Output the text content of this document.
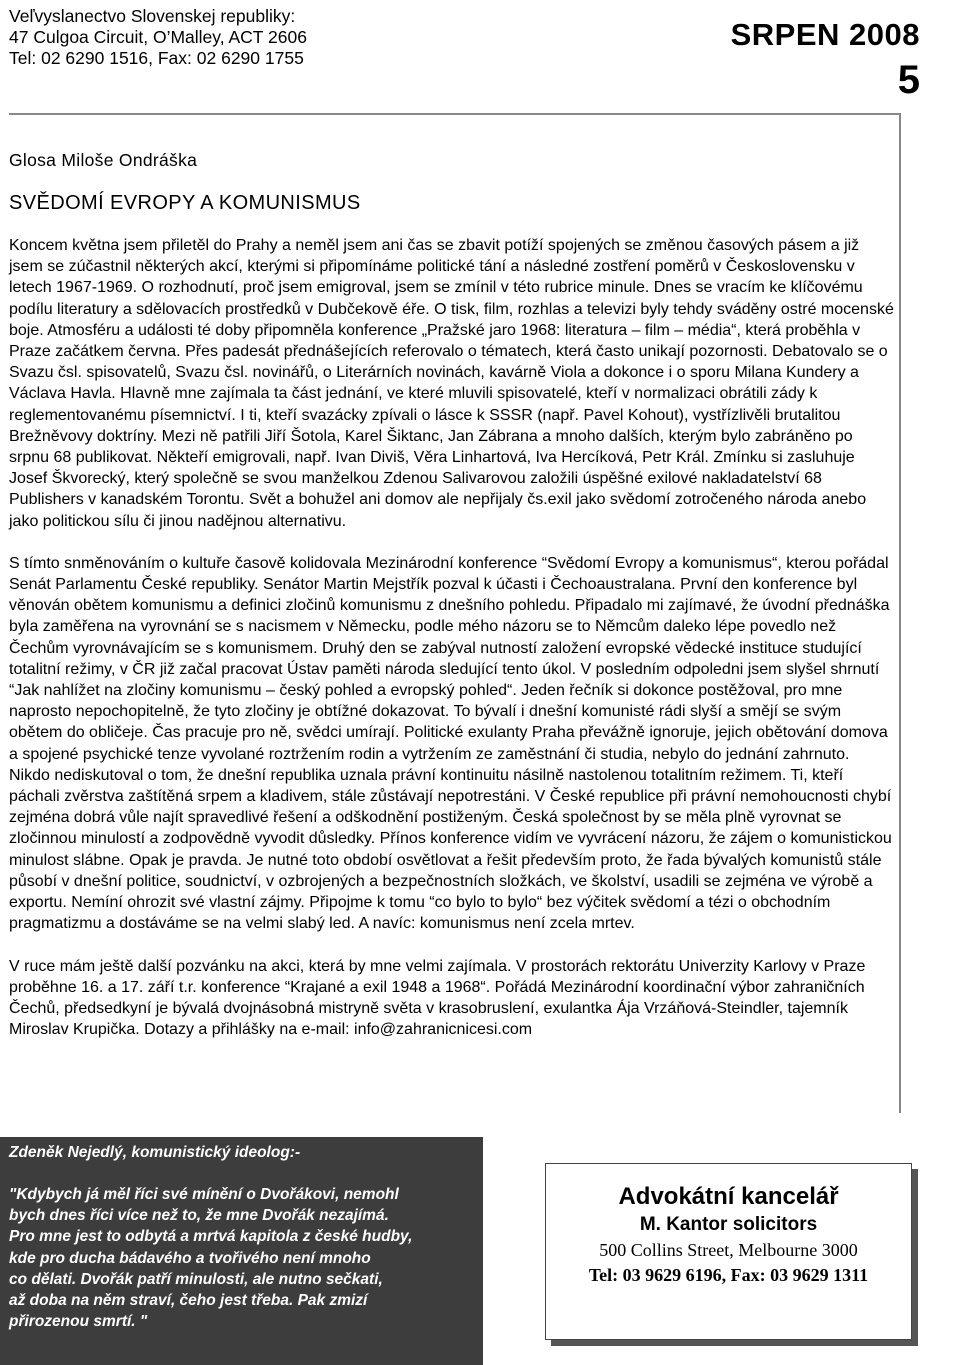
Veľvyslanectvo Slovenskej republiky:
47 Culgoa Circuit, O’Malley, ACT 2606
Tel: 02 6290 1516, Fax: 02 6290 1755
SRPEN 2008
5
Glosa Miloše Ondráška
SVĚDOMÍ EVROPY A KOMUNISMUS

Koncem května jsem přiletěl do Prahy a neměl jsem ani čas se zbavit potíží spojených se změnou časových pásem a již jsem se zúčastnil některých akcí, kterými si připomínáme politické tání a následné zostření poměrů v Československu v letech 1967-1969. O rozhodnutí, proč jsem emigroval, jsem se zmínil v této rubrice minule. Dnes se vracím ke klíčovému podílu literatury a sdělovacích prostředků v Dubčekově éře. O tisk, film, rozhlas a televizi byly tehdy sváděny ostré mocenské boje. Atmosféru a události té doby připomněla konference „Pražské jaro 1968: literatura – film – média“, která proběhla v Praze začátkem června. Přes padesát přednášejících referovalo o tématech, která často unikají pozornosti. Debatovalo se o Svazu čsl. spisovatelů, Svazu čsl. novinářů, o Literárních novinách, kavárně Viola a dokonce i o sporu Milana Kundery a Václava Havla. Hlavně mne zajímala ta část jednání, ve které mluvili spisovatelé, kteří v normalizaci obrátili zády k reglementovanému písemnictví. I ti, kteří svazácky zpívali o lásce k SSSR (např. Pavel Kohout), vystřízlivěli brutalitou Brežněvovy doktríny. Mezi ně patřili Jiří Šotola, Karel Šiktanc, Jan Zábrana a mnoho dalších, kterým bylo zabráněno po srpnu 68 publikovat. Někteří emigrovali, např. Ivan Diviš, Věra Linhartová, Iva Hercíková, Petr Král. Zmínku si zasluhuje Josef Škvorecký, který společně se svou manželkou Zdenou Salivarovou založili úspěšné exilové nakladatelství 68 Publishers v kanadském Torontu. Svět a bohužel ani domov ale nepřijaly čs.exil jako svědomí zotročeného národa anebo jako politickou sílu či jinou nadějnou alternativu.

S tímto snměnováním o kultuře časově kolidovala Mezinárodní konference “Svědomí Evropy a komunismus“, kterou pořádal Senát Parlamentu České republiky. Senátor Martin Mejstřík pozval k účasti i Čechoaustralana. První den konference byl věnován obětem komunismu a definici zločinů komunismu z dnešního pohledu. Připadalo mi zajímavé, že úvodní přednáška byla zaměřena na vyrovnání se s nacismem v Německu, podle mého názoru se to Němcům daleko lépe povedlo než Čechům vyrovnávajícím se s komunismem. Druhý den se zabýval nutností založení evropské vědecké instituce studující totalitní režimy, v ČR již začal pracovat Ústav paměti národa sledující tento úkol. V posledním odpoledni jsem slyšel shrnutí “Jak nahlížet na zločiny komunismu – český pohled a evropský pohled“. Jeden řečník si dokonce postěžoval, pro mne naprosto nepochopitelně, že tyto zločiny je obtížné dokazovat. To bývalí i dnešní komunisté rádi slyší a smějí se svým obětem do obličeje. Čas pracuje pro ně, svědci umírají. Politické exulanty Praha převážně ignoruje, jejich obětování domova a spojené psychické tenze vyvolané roztržením rodin a vytržením ze zaměstnání či studia, nebylo do jednání zahrnuto. Nikdo nediskutoval o tom, že dnešní republika uznala právní kontinuitu násilně nastolenou totalitním režimem. Ti, kteří páchali zvěrstva zaštítěná srpem a kladivem, stále zůstávají nepotrestáni. V České republice při právní nemohoucnosti chybí zejména dobrá vůle najít spravedlivé řešení a odškodnění postiženým. Česká společnost by se měla plně vyrovnat se zločinnou minulostí a zodpovědně vyvodit důsledky. Přínos konference vidím ve vyvrácení názoru, že zájem o komunistickou minulost slábne. Opak je pravda. Je nutné toto období osvětlovat a řešit především proto, že řada bývalých komunistů stále působí v dnešní politice, soudnictví, v ozbrojených a bezpečnostních složkách, ve školství, usadili se zejména ve výrobě a exportu. Nemíní ohrozit své vlastní zájmy. Připojme k tomu “co bylo to bylo“ bez výčitek svědomí a tézi o obchodním pragmatizmu a dostáváme se na velmi slabý led. A navíc: komunismus není zcela mrtev.

V ruce mám ještě další pozvánku na akci, která by mne velmi zajímala. V prostorách rektorátu Univerzity Karlovy v Praze proběhne 16. a 17. září t.r. konference “Krajané a exil 1948 a 1968“. Pořádá Mezinárodní koordinační výbor zahraničních Čechů, předsedkyní je bývalá dvojnásobná mistryně světa v krasobruslení, exulantka Ája Vrzáňová-Steindler, tajemník Miroslav Krupička. Dotazy a přihlášky na e-mail: info@zahranicnicesi.com

Zdeněk Nejedlý, komunistický ideolog:-
"Kdybych já měl říci své mínění o Dvořákovi, nemohl
bych dnes říci více než to, že mne Dvořák nezajímá.
Pro mne jest to odbytá a mrtvá kapitola z české hudby,
kde pro ducha bádavého a tvořivého není mnoho
co dělati. Dvořák patří minulosti, ale nutno sečkati,
až doba na něm straví, čeho jest třeba. Pak zmizí
přirozenou smrtí. "
Advokátní kancelář
M. Kantor solicitors
500 Collins Street, Melbourne 3000
Tel: 03 9629 6196, Fax: 03 9629 1311
